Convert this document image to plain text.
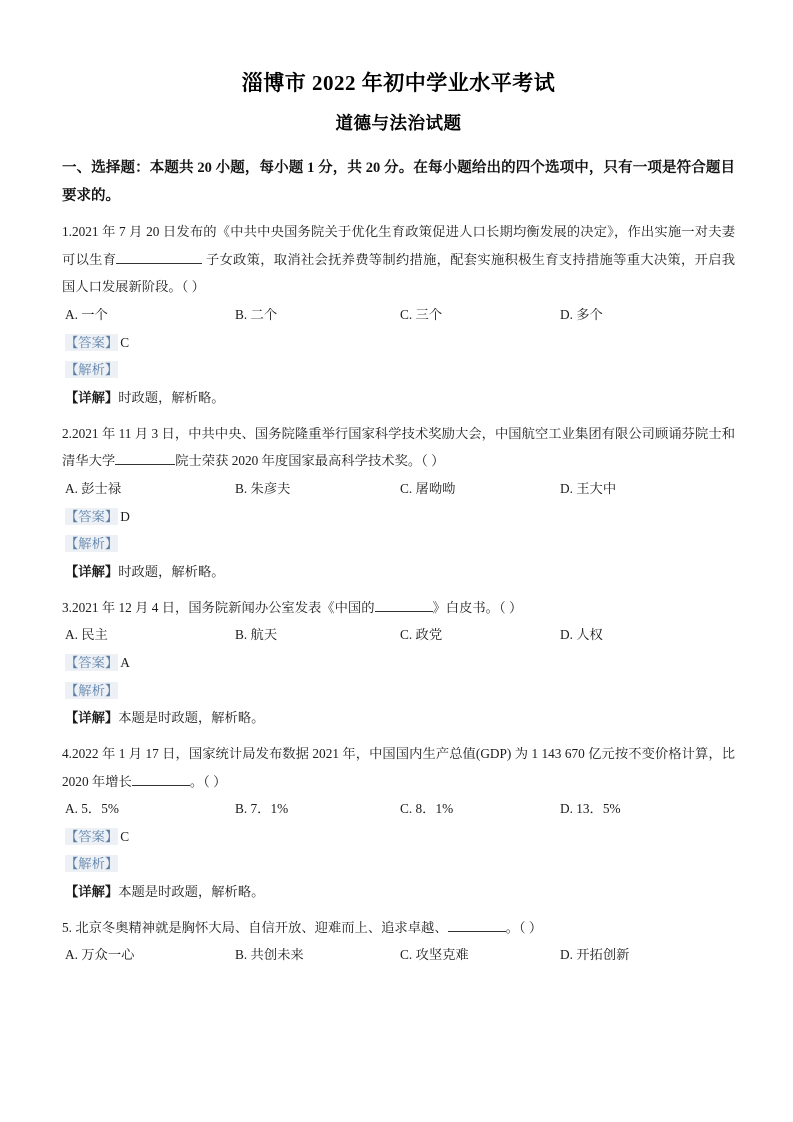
淄博市 2022 年初中学业水平考试
道德与法治试题

一、选择题：本题共 20 小题，每小题 1 分，共 20 分。在每小题给出的四个选项中，只有一项是符合题目要求的。

1.2021 年 7 月 20 日发布的《中共中央国务院关于优化生育政策促进人口长期均衡发展的决定》，作出实施一对夫妻可以生育	子女政策，取消社会抚养费等制约措施，配套实施积极生育支持措施等重大决策，开启我国人口发展新阶段。（ ）

A. 一个	B. 二个	C. 三个	D. 多个

【答案】 C

【解析】

【详解】时政题，解析略。

2.2021 年 11 月 3 日，中共中央、国务院隆重举行国家科学技术奖励大会，中国航空工业集团有限公司顾诵芬院士和清华大学	院士荣获 2020 年度国家最高科学技术奖。（ ）

A. 彭士禄	B. 朱彦夫	C. 屠呦呦	D. 王大中

【答案】 D

【解析】

【详解】时政题，解析略。

3.2021 年 12 月 4 日，国务院新闻办公室发表《中国的	》白皮书。（ ）

A. 民主	B. 航天	C. 政党	D. 人权

【答案】 A

【解析】

【详解】本题是时政题，解析略。

4.2022 年 1 月 17 日，国家统计局发布数据 2021 年，中国国内生产总值(GDP) 为 1 143 670 亿元按不变价格计算，比 2020 年增长	。（ ）

A. 5．5%	B. 7．1%	C. 8．1%	D. 13．5%

【答案】 C

【解析】

【详解】本题是时政题，解析略。

5. 北京冬奥精神就是胸怀大局、自信开放、迎难而上、追求卓越、	。（ ）

A. 万众一心	B. 共创未来	C. 攻坚克难	D. 开拓创新
